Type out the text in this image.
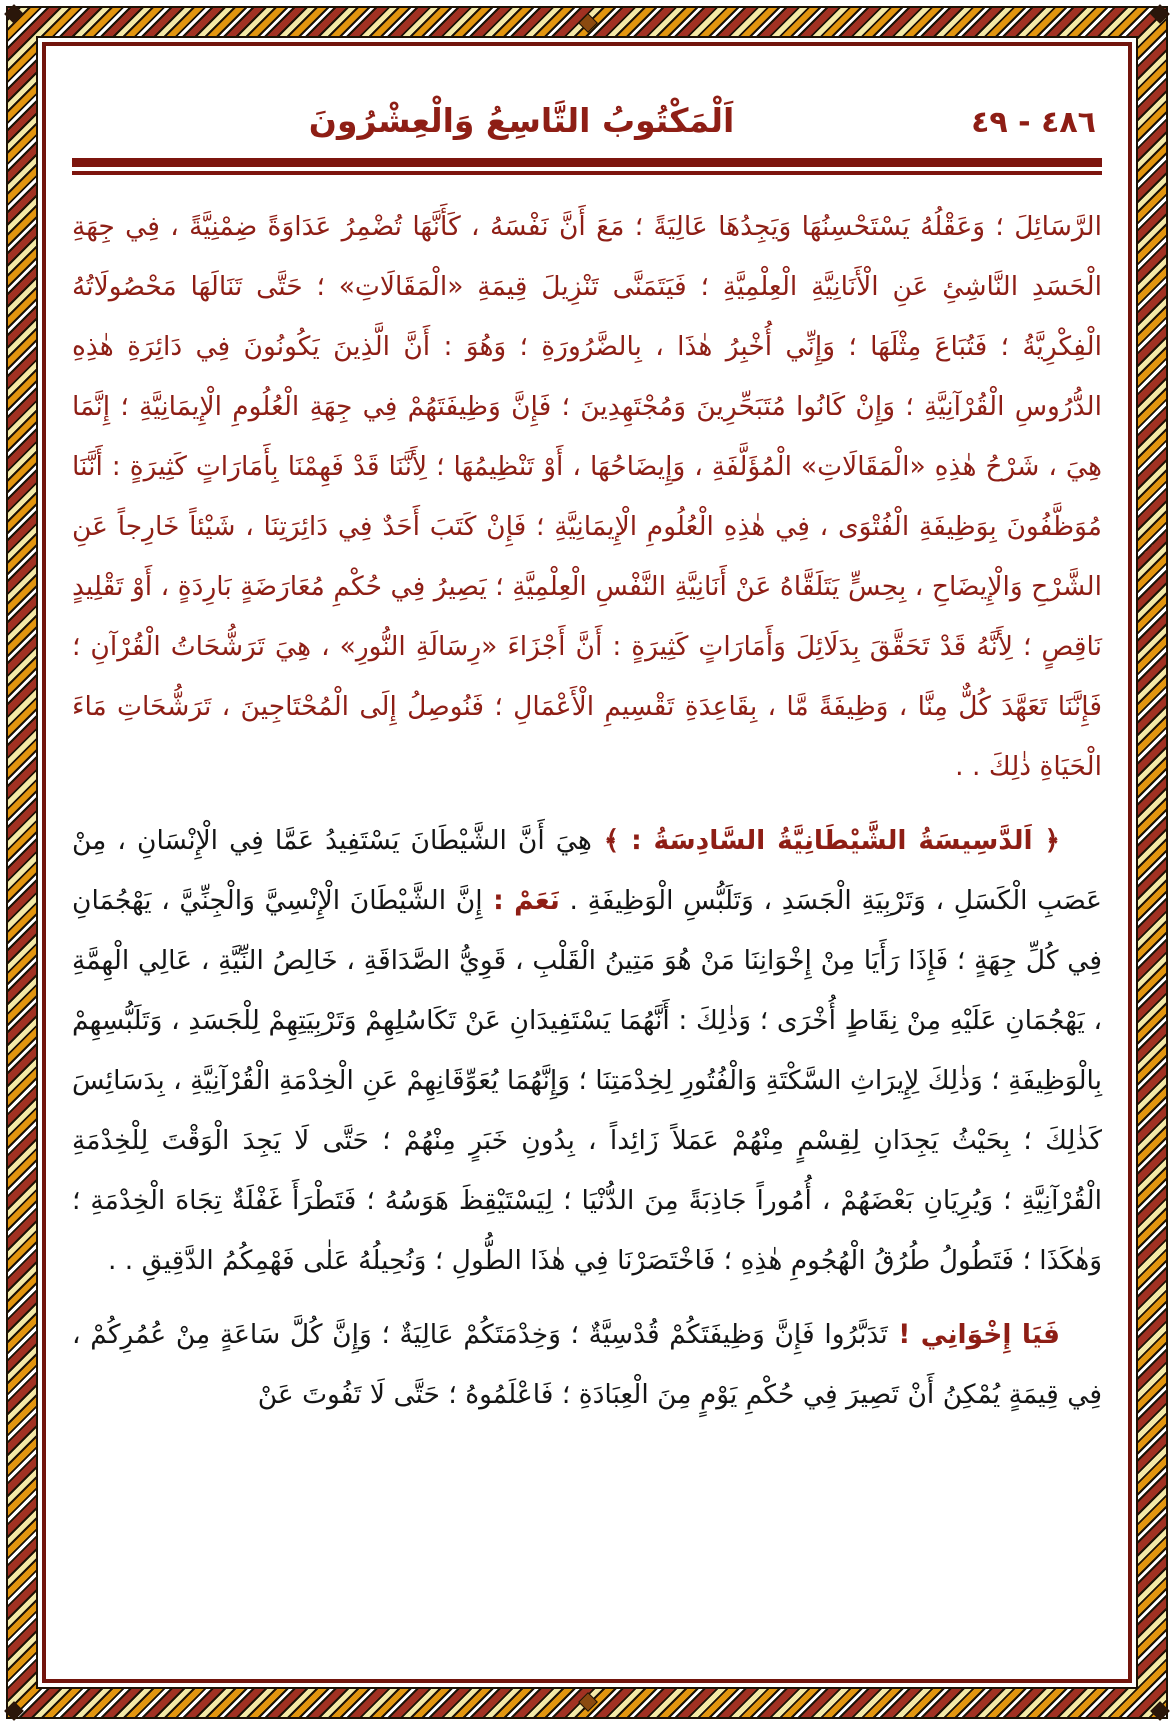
٤٨٦ - ٤٩
اَلْمَكْتُوبُ التَّاسِعُ وَالْعِشْرُونَ
الرَّسَائِلَ ؛ وَعَقْلُهُ يَسْتَحْسِنُهَا وَيَجِدُهَا عَالِيَةً ؛ مَعَ أَنَّ نَفْسَهُ ، كَأَنَّهَا تُضْمِرُ عَدَاوَةً ضِمْنِيَّةً ، فِي جِهَةِ الْحَسَدِ النَّاشِئِ عَنِ الْأَنَانِيَّةِ الْعِلْمِيَّةِ ؛ فَيَتَمَنَّى تَنْزِيلَ قِيمَةِ «الْمَقَالَاتِ» ؛ حَتَّى تَنَالَهَا مَحْصُولَاتُهُ الْفِكْرِيَّةُ ؛ فَتُبَاعَ مِثْلَهَا ؛ وَإِنِّي أُخْبِرُ هٰذَا ، بِالضَّرُورَةِ ؛ وَهُوَ : أَنَّ الَّذِينَ يَكُونُونَ فِي دَائِرَةِ هٰذِهِ الدُّرُوسِ الْقُرْآنِيَّةِ ؛ وَإِنْ كَانُوا مُتَبَحِّرِينَ وَمُجْتَهِدِينَ ؛ فَإِنَّ وَظِيفَتَهُمْ فِي جِهَةِ الْعُلُومِ الْإِيمَانِيَّةِ ؛ إِنَّمَا هِيَ ، شَرْحُ هٰذِهِ «الْمَقَالَاتِ» الْمُؤَلَّفَةِ ، وَإِيضَاحُهَا ، أَوْ تَنْظِيمُهَا ؛ لِأَنَّنَا قَدْ فَهِمْنَا بِأَمَارَاتٍ كَثِيرَةٍ : أَنَّنَا مُوَظَّفُونَ بِوَظِيفَةِ الْفُتْوَى ، فِي هٰذِهِ الْعُلُومِ الْإِيمَانِيَّةِ ؛ فَإِنْ كَتَبَ أَحَدٌ فِي دَائِرَتِنَا ، شَيْئاً خَارِجاً عَنِ الشَّرْحِ وَالْإِيضَاحِ ، بِحِسٍّ يَتَلَقَّاهُ عَنْ أَنَانِيَّةِ النَّفْسِ الْعِلْمِيَّةِ ؛ يَصِيرُ فِي حُكْمِ مُعَارَضَةٍ بَارِدَةٍ ، أَوْ تَقْلِيدٍ نَاقِصٍ ؛ لِأَنَّهُ قَدْ تَحَقَّقَ بِدَلَائِلَ وَأَمَارَاتٍ كَثِيرَةٍ : أَنَّ أَجْزَاءَ «رِسَالَةِ النُّورِ» ، هِيَ تَرَشُّحَاتُ الْقُرْآنِ ؛ فَإِنَّنَا تَعَهَّدَ كُلٌّ مِنَّا ، وَظِيفَةً مَّا ، بِقَاعِدَةِ تَقْسِيمِ الْأَعْمَالِ ؛ فَنُوصِلُ إِلَى الْمُحْتَاجِينَ ، تَرَشُّحَاتِ مَاءَ الْحَيَاةِ ذٰلِكَ . .
﴿ اَلدَّسِيسَةُ الشَّيْطَانِيَّةُ السَّادِسَةُ : ﴾ هِيَ أَنَّ الشَّيْطَانَ يَسْتَفِيدُ عَمَّا فِي الْإِنْسَانِ ، مِنْ عَصَبِ الْكَسَلِ ، وَتَرْبِيَةِ الْجَسَدِ ، وَتَلَبُّسِ الْوَظِيفَةِ . نَعَمْ : إِنَّ الشَّيْطَانَ الْإِنْسِيَّ وَالْجِنِّيَّ ، يَهْجُمَانِ فِي كُلِّ جِهَةٍ ؛ فَإِذَا رَأَيَا مِنْ إِخْوَانِنَا مَنْ هُوَ مَتِينُ الْقَلْبِ ، قَوِيُّ الصَّدَاقَةِ ، خَالِصُ النِّيَّةِ ، عَالِي الْهِمَّةِ ، يَهْجُمَانِ عَلَيْهِ مِنْ نِقَاطٍ أُخْرَى ؛ وَذٰلِكَ : أَنَّهُمَا يَسْتَفِيدَانِ عَنْ تَكَاسُلِهِمْ وَتَرْبِيَتِهِمْ لِلْجَسَدِ ، وَتَلَبُّسِهِمْ بِالْوَظِيفَةِ ؛ وَذٰلِكَ لِإِيرَاثِ السَّكْتَةِ وَالْفُتُورِ لِخِدْمَتِنَا ؛ وَإِنَّهُمَا يُعَوِّقَانِهِمْ عَنِ الْخِدْمَةِ الْقُرْآنِيَّةِ ، بِدَسَائِسَ كَذٰلِكَ ؛ بِحَيْثُ يَجِدَانِ لِقِسْمٍ مِنْهُمْ عَمَلاً زَائِداً ، بِدُونِ خَبَرٍ مِنْهُمْ ؛ حَتَّى لَا يَجِدَ الْوَقْتَ لِلْخِدْمَةِ الْقُرْآنِيَّةِ ؛ وَيُرِيَانِ بَعْضَهُمْ ، أُمُوراً جَاذِبَةً مِنَ الدُّنْيَا ؛ لِيَسْتَيْقِظَ هَوَسُهُ ؛ فَتَطْرَأَ غَفْلَةٌ تِجَاهَ الْخِدْمَةِ ؛ وَهٰكَذَا ؛ فَتَطُولُ طُرُقُ الْهُجُومِ هٰذِهِ ؛ فَاخْتَصَرْنَا فِي هٰذَا الطُّولِ ؛ وَنُحِيلُهُ عَلٰى فَهْمِكُمُ الدَّقِيقِ . .
فَيَا إِخْوَانِي ! تَدَبَّرُوا فَإِنَّ وَظِيفَتَكُمْ قُدْسِيَّةٌ ؛ وَخِدْمَتَكُمْ عَالِيَةٌ ؛ وَإِنَّ كُلَّ سَاعَةٍ مِنْ عُمُرِكُمْ ، فِي قِيمَةٍ يُمْكِنُ أَنْ تَصِيرَ فِي حُكْمِ يَوْمٍ مِنَ الْعِبَادَةِ ؛ فَاعْلَمُوهُ ؛ حَتَّى لَا تَفُوتَ عَنْ
